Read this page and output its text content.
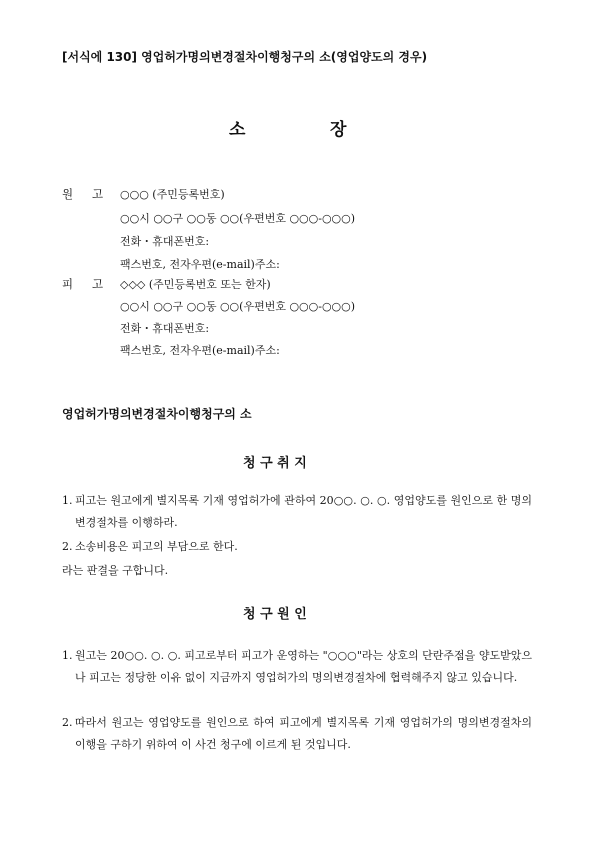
[서식에 130] 영업허가명의변경절차이행청구의 소(영업양도의 경우)
소	장
원 고 ○○○ (주민등록번호)
○○시 ○○구 ○○동 ○○(우편번호 ○○○-○○○)
전화・휴대폰번호:
팩스번호, 전자우편(e-mail)주소:
피 고 ◇◇◇ (주민등록번호 또는 한자)
○○시 ○○구 ○○동 ○○(우편번호 ○○○-○○○)
전화・휴대폰번호:
팩스번호, 전자우편(e-mail)주소:
영업허가명의변경절차이행청구의 소
청 구 취 지
1. 피고는 원고에게 별지목록 기재 영업허가에 관하여 20○○. ○. ○. 영업양도를 원인으로 한 명의변경절차를 이행하라.
2. 소송비용은 피고의 부담으로 한다.
라는 판결을 구합니다.
청 구 원 인
1. 원고는 20○○. ○. ○. 피고로부터 피고가 운영하는 "○○○"라는 상호의 단란주점을 양도받았으나 피고는 정당한 이유 없이 지금까지 영업허가의 명의변경절차에 협력해주지 않고 있습니다.
2. 따라서 원고는 영업양도를 원인으로 하여 피고에게 별지목록 기재 영업허가의 명의변경절차의 이행을 구하기 위하여 이 사건 청구에 이르게 된 것입니다.
